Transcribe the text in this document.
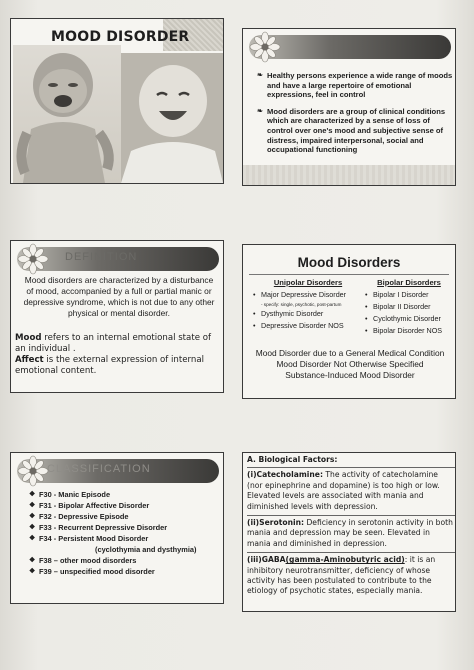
MOOD DISORDER
❧ Healthy persons experience a wide range of moods and have a large repertoire of emotional expressions, feel in control
❧ Mood disorders are a group of clinical conditions which are characterized by a sense of loss of control over one's mood and subjective sense of distress, impaired interpersonal, social and occupational functioning
DEFINITION
Mood disorders are characterized by a disturbance of mood, accompanied by a full or partial manic or depressive syndrome, which is not due to any other physical or mental disorder.
Mood refers to an internal emotional state of an individual .
Affect is the external expression of internal emotional content.
Mood Disorders
Unipolar Disorders
• Major Depressive Disorder
- specify: single, psychotic, post-partum
• Dysthymic Disorder
• Depressive Disorder NOS
Bipolar Disorders
• Bipolar I Disorder
• Bipolar II Disorder
• Cyclothymic Disorder
• Bipolar Disorder NOS
Mood Disorder due to a General Medical Condition
Mood Disorder Not Otherwise Specified
Substance-Induced Mood Disorder
CLASSIFICATION
❖ F30 - Manic Episode
❖ F31 - Bipolar Affective Disorder
❖ F32 - Depressive Episode
❖ F33 - Recurrent Depressive Disorder
❖ F34 - Persistent Mood Disorder
(cyclothymia and dysthymia)
❖ F38 – other mood disorders
❖ F39 – unspecified mood disorder
A. Biological Factors:
(i)Catecholamine: The activity of catecholamine (nor epinephrine and dopamine) is too high or low. Elevated levels are associated with mania and diminished levels with depression.
(ii)Serotonin: Deficiency in serotonin activity in both mania and depression may be seen. Elevated in mania and diminished in depression.
(iii)GABA(gamma-Aminobutyric acid): it is an inhibitory neurotransmitter, deficiency of whose activity has been postulated to contribute to the etiology of psychotic states, especially mania.
